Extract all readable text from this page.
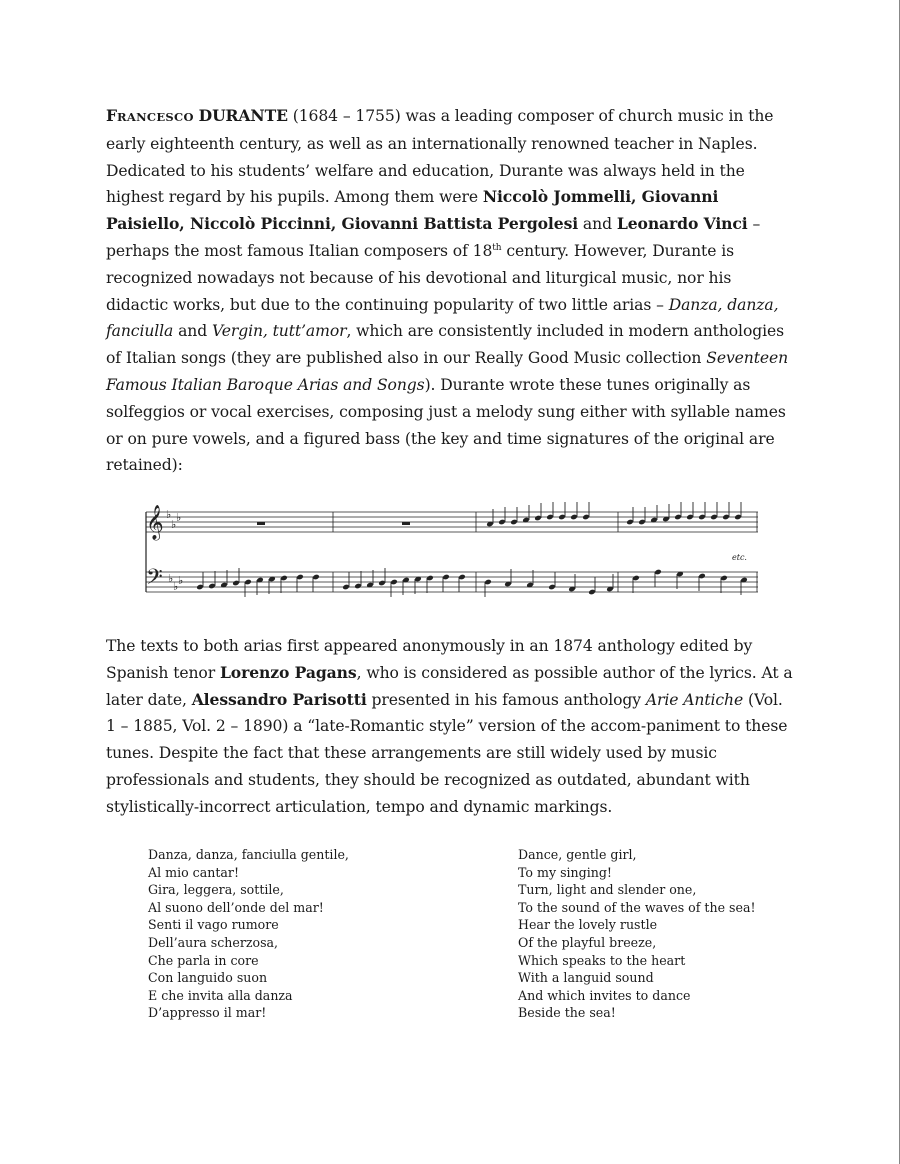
FRANCESCO DURANTE (1684 – 1755) was a leading composer of church music in the early eighteenth century, as well as an internationally renowned teacher in Naples. Dedicated to his students’ welfare and education, Durante was always held in the highest regard by his pupils. Among them were Niccolò Jommelli, Giovanni Paisiello, Niccolò Piccinni, Giovanni Battista Pergolesi and Leonardo Vinci – perhaps the most famous Italian composers of 18th century. However, Durante is recognized nowadays not because of his devotional and liturgical music, nor his didactic works, but due to the continuing popularity of two little arias – Danza, danza, fanciulla and Vergin, tutt’amor, which are consistently included in modern anthologies of Italian songs (they are published also in our Really Good Music collection Seventeen Famous Italian Baroque Arias and Songs). Durante wrote these tunes originally as solfeggios or vocal exercises, composing just a melody sung either with syllable names or on pure vowels, and a figured bass (the key and time signatures of the original are retained):

𝄞
𝄢
♭
♭
♭
♭
♭ ♭
etc.

The texts to both arias first appeared anonymously in an 1874 anthology edited by Spanish tenor Lorenzo Pagans, who is considered as possible author of the lyrics. At a later date, Alessandro Parisotti presented in his famous anthology Arie Antiche (Vol. 1 – 1885, Vol. 2 – 1890) a “late-Romantic style” version of the accom-paniment to these tunes. Despite the fact that these arrangements are still widely used by music professionals and students, they should be recognized as outdated, abundant with stylistically-incorrect articulation, tempo and dynamic markings.

Danza, danza, fanciulla gentile,
Al mio cantar!
Gira, leggera, sottile,
Al suono dell’onde del mar!
Senti il vago rumore
Dell’aura scherzosa,
Che parla in core
Con languido suon
E che invita alla danza
D’appresso il mar!
Dance, gentle girl,
To my singing!
Turn, light and slender one,
To the sound of the waves of the sea!
Hear the lovely rustle
Of the playful breeze,
Which speaks to the heart
With a languid sound
And which invites to dance
Beside the sea!
